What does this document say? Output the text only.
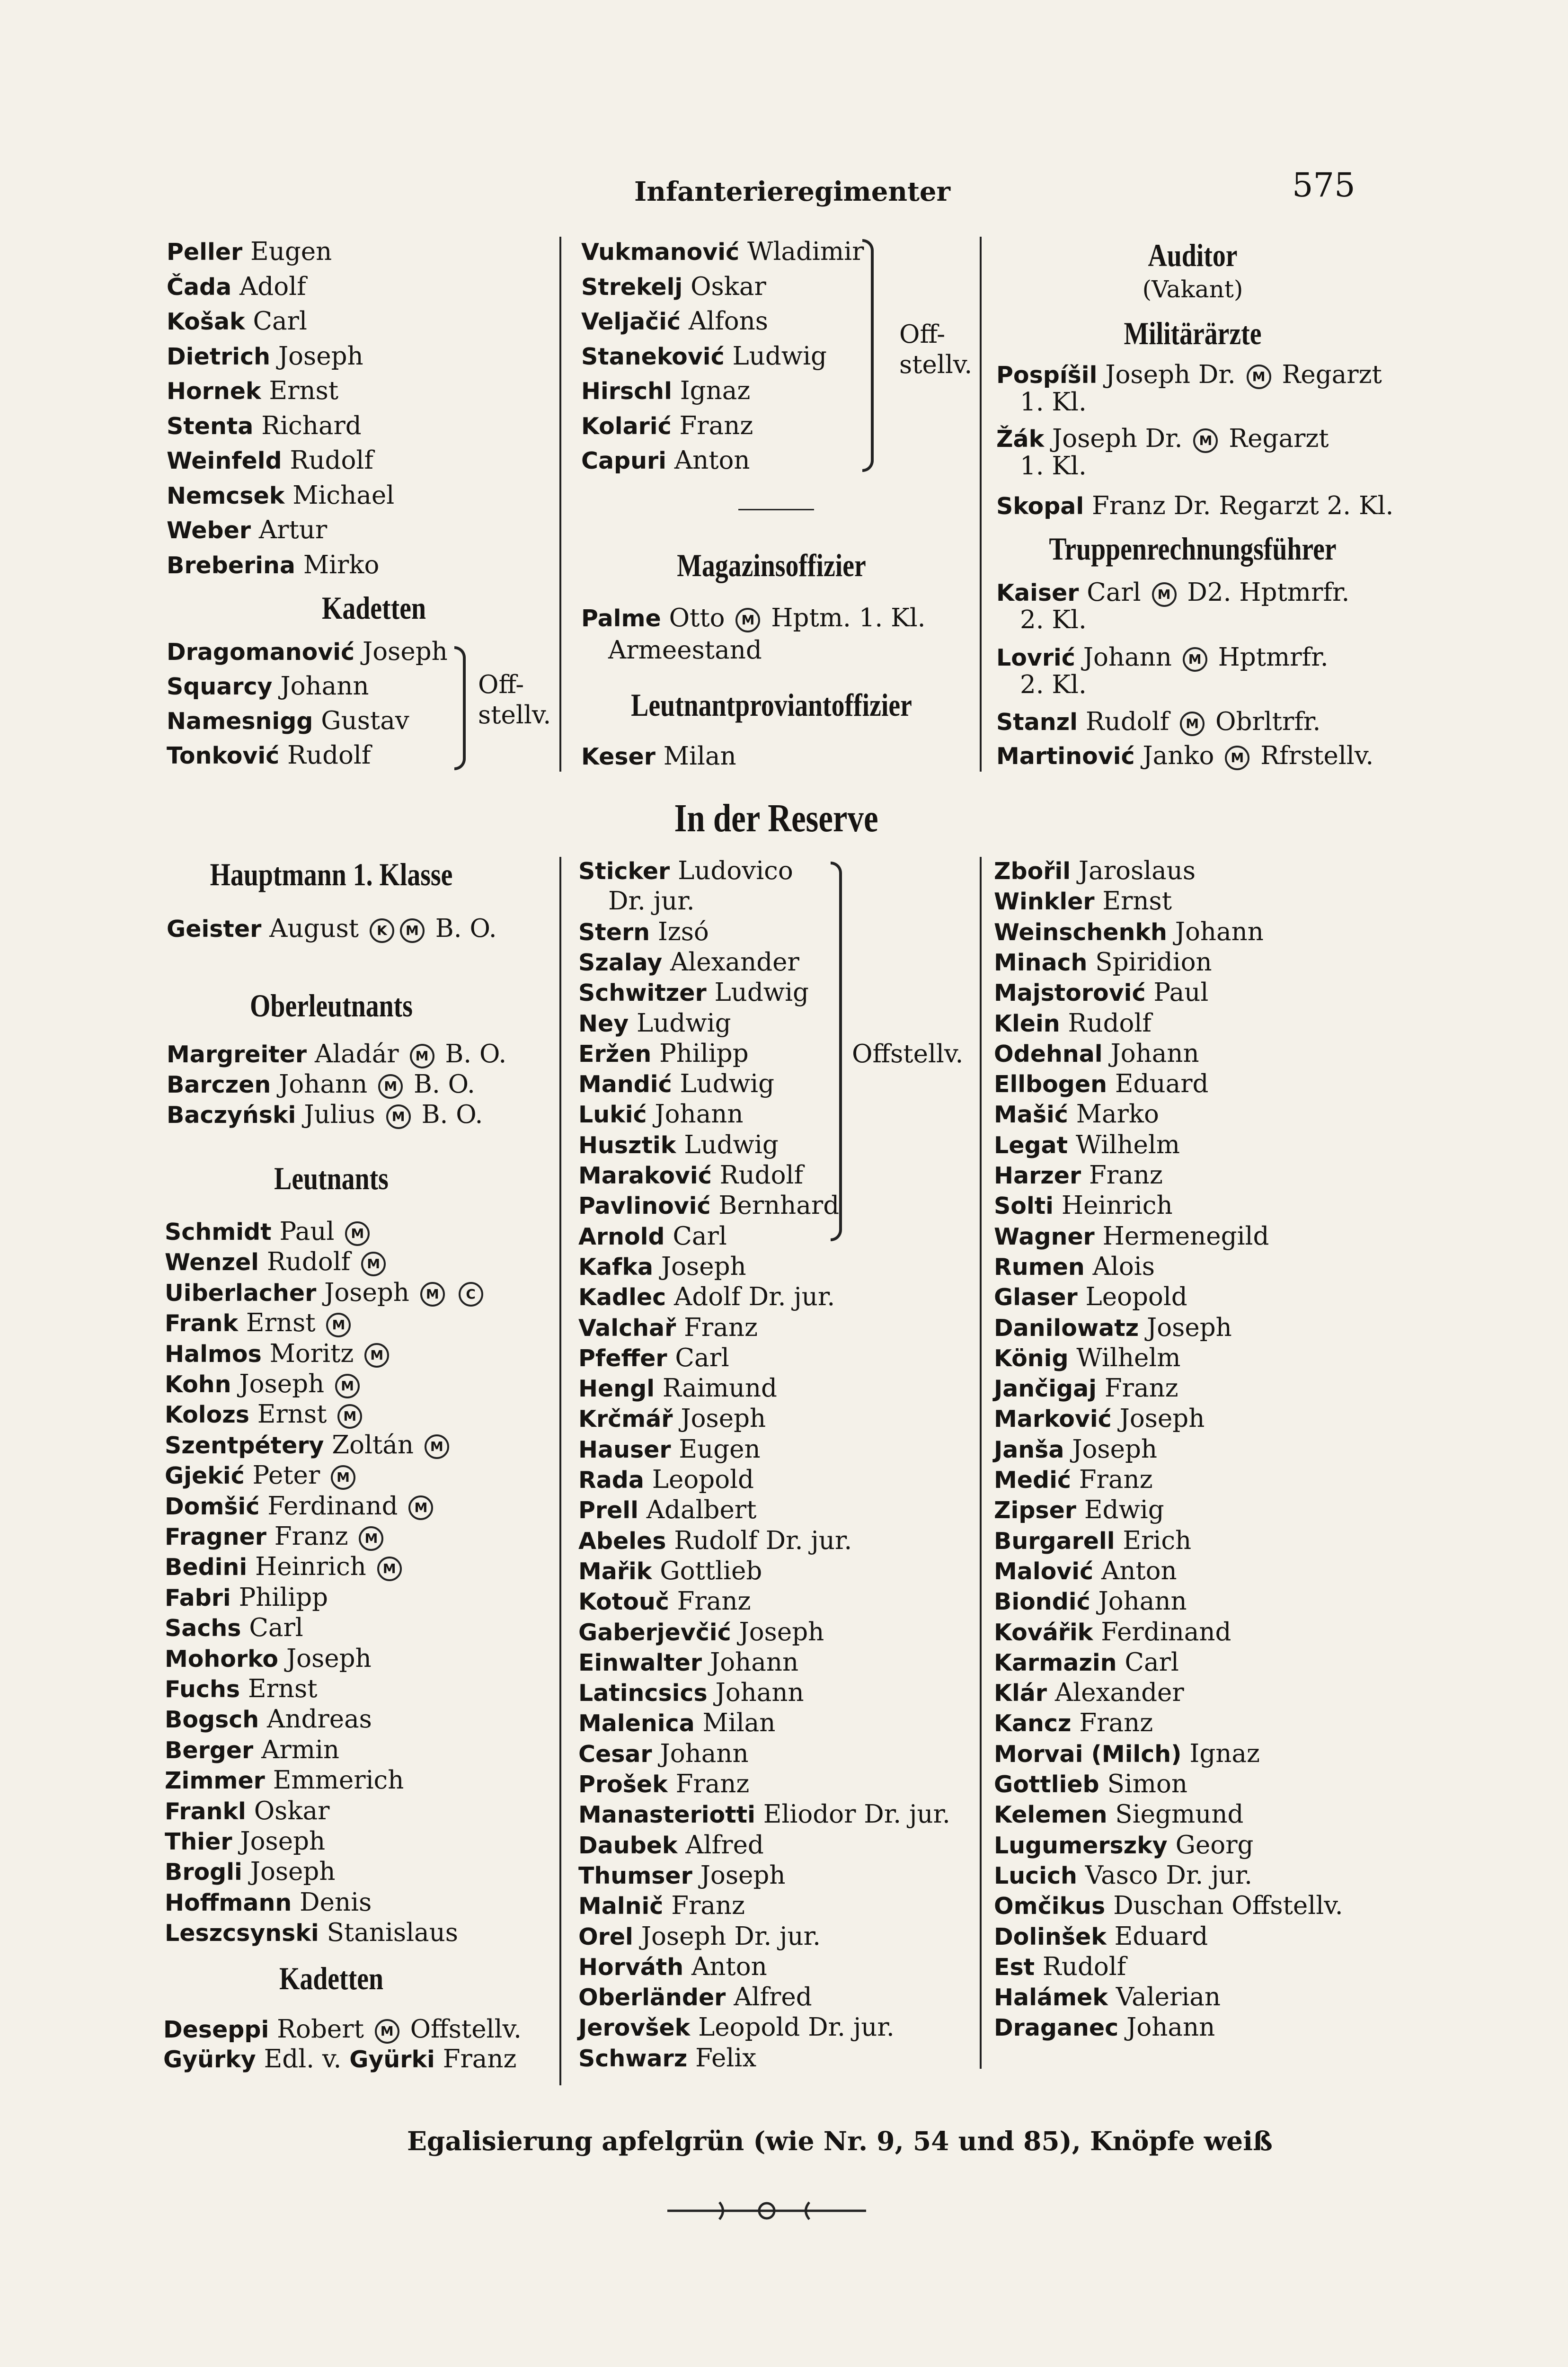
Infanterieregimenter	575
Peller Eugen
Čada Adolf
Košak Carl
Dietrich Joseph
Hornek Ernst
Stenta Richard
Weinfeld Rudolf
Nemcsek Michael
Weber Artur
Breberina Mirko
Dragomanović Joseph
Squarcy Johann
Namesnigg Gustav
Tonković Rudolf
Kadetten
Off-
stellv.
Vukmanović Wladimir
Strekelj Oskar
Veljačić Alfons
Staneković Ludwig
Hirschl Ignaz
Kolarić Franz
Capuri Anton
Off-
stellv.
Magazinsoffizier
Palme Otto M Hptm. 1. Kl.
Armeestand
Leutnantproviantoffizier
Keser Milan
Auditor
(Vakant)
Militärärzte
Pospíšil Joseph Dr. M Regarzt
1. Kl.
Žák Joseph Dr. M Regarzt
1. Kl.
Skopal Franz Dr. Regarzt 2. Kl.
Truppenrechnungsführer
Kaiser Carl M D2. Hptmrfr.
2. Kl.
Lovrić Johann M Hptmrfr.
2. Kl.
Stanzl Rudolf M Obrltrfr.
Martinović Janko M Rfrstellv.
In der Reserve
Hauptmann 1. Klasse
Geister August K M B. O.
Oberleutnants
Margreiter Aladár M B. O.
Barczen Johann M B. O.
Baczyński Julius M B. O.
Leutnants
Schmidt Paul M
Wenzel Rudolf M
Uiberlacher Joseph M C
Frank Ernst M
Halmos Moritz M
Kohn Joseph M
Kolozs Ernst M
Szentpétery Zoltán M
Gjekić Peter M
Domšić Ferdinand M
Fragner Franz M
Bedini Heinrich M
Fabri Philipp
Sachs Carl
Mohorko Joseph
Fuchs Ernst
Bogsch Andreas
Berger Armin
Zimmer Emmerich
Frankl Oskar
Thier Joseph
Brogli Joseph
Hoffmann Denis
Leszcsynski Stanislaus
Kadetten
Deseppi Robert M Offstellv.
Gyürky Edl. v. Gyürki Franz
Sticker Ludovico
Dr. jur.
Stern Izsó
Szalay Alexander
Schwitzer Ludwig
Ney Ludwig
Eržen Philipp
Mandić Ludwig
Lukić Johann
Husztik Ludwig
Maraković Rudolf
Pavlinović Bernhard
Arnold Carl
Kafka Joseph
Kadlec Adolf Dr. jur.
Valchař Franz
Pfeffer Carl
Hengl Raimund
Krčmář Joseph
Hauser Eugen
Rada Leopold
Prell Adalbert
Abeles Rudolf Dr. jur.
Mařik Gottlieb
Kotouč Franz
Gaberjevčić Joseph
Einwalter Johann
Latincsics Johann
Malenica Milan
Cesar Johann
Prošek Franz
Manasteriotti Eliodor Dr. jur.
Daubek Alfred
Thumser Joseph
Malnič Franz
Orel Joseph Dr. jur.
Horváth Anton
Oberländer Alfred
Jerovšek Leopold Dr. jur.
Schwarz Felix
Offstellv.
Zbořil Jaroslaus
Winkler Ernst
Weinschenkh Johann
Minach Spiridion
Majstorović Paul
Klein Rudolf
Odehnal Johann
Ellbogen Eduard
Mašić Marko
Legat Wilhelm
Harzer Franz
Solti Heinrich
Wagner Hermenegild
Rumen Alois
Glaser Leopold
Danilowatz Joseph
König Wilhelm
Jančigaj Franz
Marković Joseph
Janša Joseph
Medić Franz
Zipser Edwig
Burgarell Erich
Malović Anton
Biondić Johann
Kovářik Ferdinand
Karmazin Carl
Klár Alexander
Kancz Franz
Morvai (Milch) Ignaz
Gottlieb Simon
Kelemen Siegmund
Lugumerszky Georg
Lucich Vasco Dr. jur.
Omčikus Duschan Offstellv.
Dolinšek Eduard
Est Rudolf
Halámek Valerian
Draganec Johann
Egalisierung apfelgrün (wie Nr. 9, 54 und 85), Knöpfe weiß
